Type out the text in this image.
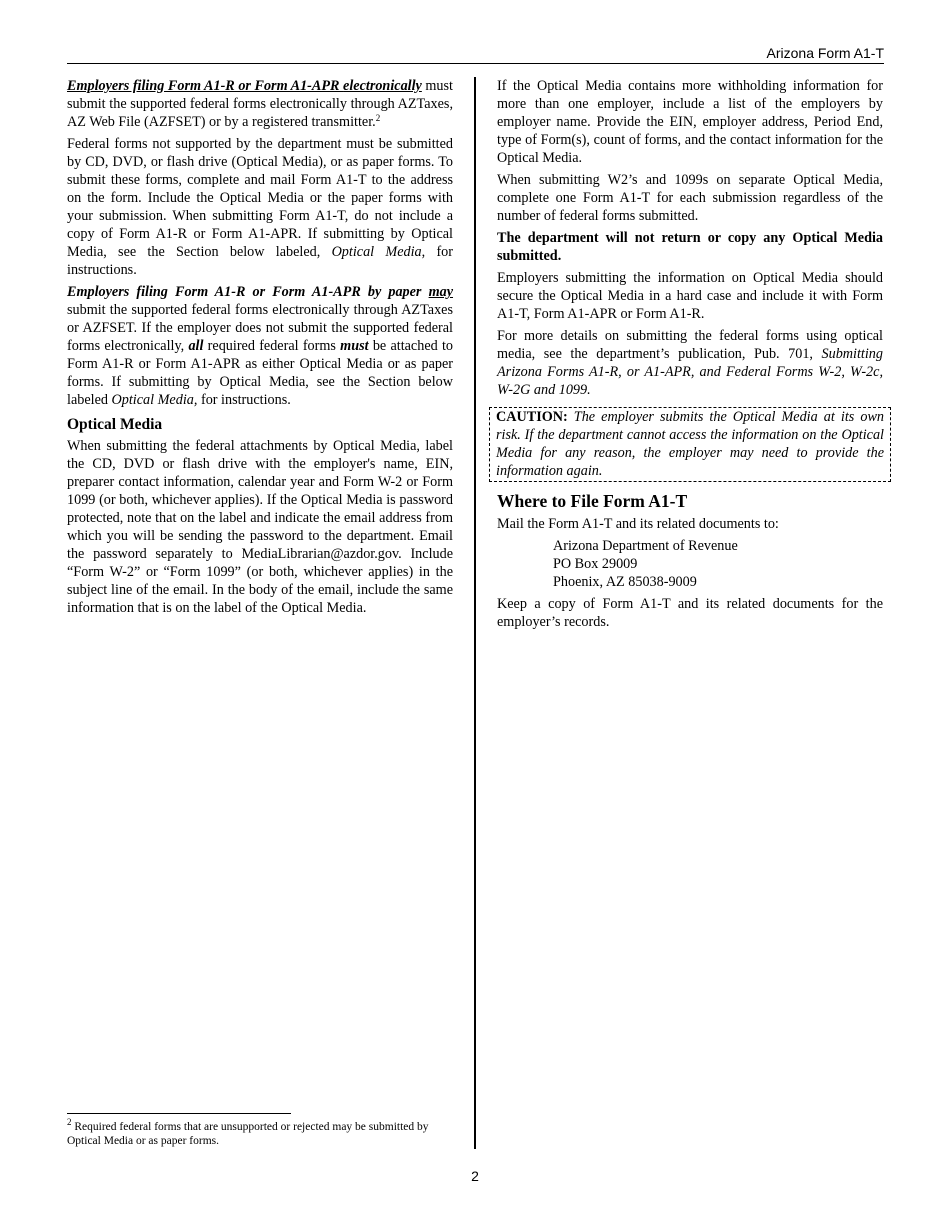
Arizona Form A1-T

Employers filing Form A1-R or Form A1-APR electronically must submit the supported federal forms electronically through AZTaxes, AZ Web File (AZFSET) or by a registered transmitter.$^2$

Federal forms not supported by the department must be submitted by CD, DVD, or flash drive (Optical Media), or as paper forms. To submit these forms, complete and mail Form A1-T to the address on the form. Include the Optical Media or the paper forms with your submission. When submitting Form A1-T, do not include a copy of Form A1-R or Form A1-APR. If submitting by Optical Media, see the Section below labeled, Optical Media, for instructions.

Employers filing Form A1-R or Form A1-APR by paper may submit the supported federal forms electronically through AZTaxes or AZFSET. If the employer does not submit the supported federal forms electronically, all required federal forms must be attached to Form A1-R or Form A1-APR as either Optical Media or as paper forms. If submitting by Optical Media, see the Section below labeled Optical Media, for instructions.

Optical Media

When submitting the federal attachments by Optical Media, label the CD, DVD or flash drive with the employer's name, EIN, preparer contact information, calendar year and Form W-2 or Form 1099 (or both, whichever applies). If the Optical Media is password protected, note that on the label and indicate the email address from which you will be sending the password to the department. Email the password separately to MediaLibrarian@azdor.gov. Include “Form W-2” or “Form 1099” (or both, whichever applies) in the subject line of the email. In the body of the email, include the same information that is on the label of the Optical Media.

If the Optical Media contains more withholding information for more than one employer, include a list of the employers by employer name. Provide the EIN, employer address, Period End, type of Form(s), count of forms, and the contact information for the Optical Media.

When submitting W2’s and 1099s on separate Optical Media, complete one Form A1-T for each submission regardless of the number of federal forms submitted.

The department will not return or copy any Optical Media submitted.

Employers submitting the information on Optical Media should secure the Optical Media in a hard case and include it with Form A1-T, Form A1-APR or Form A1-R.

For more details on submitting the federal forms using optical media, see the department’s publication, Pub. 701, Submitting Arizona Forms A1-R, or A1-APR, and Federal Forms W-2, W-2c, W-2G and 1099.

CAUTION: The employer submits the Optical Media at its own risk. If the department cannot access the information on the Optical Media for any reason, the employer may need to provide the information again.
Where to File Form A1-T

Mail the Form A1-T and its related documents to:

Arizona Department of Revenue
PO Box 29009
Phoenix, AZ 85038-9009

Keep a copy of Form A1-T and its related documents for the employer’s records.

$^2$ Required federal forms that are unsupported or rejected may be submitted by Optical Media or as paper forms.
2
